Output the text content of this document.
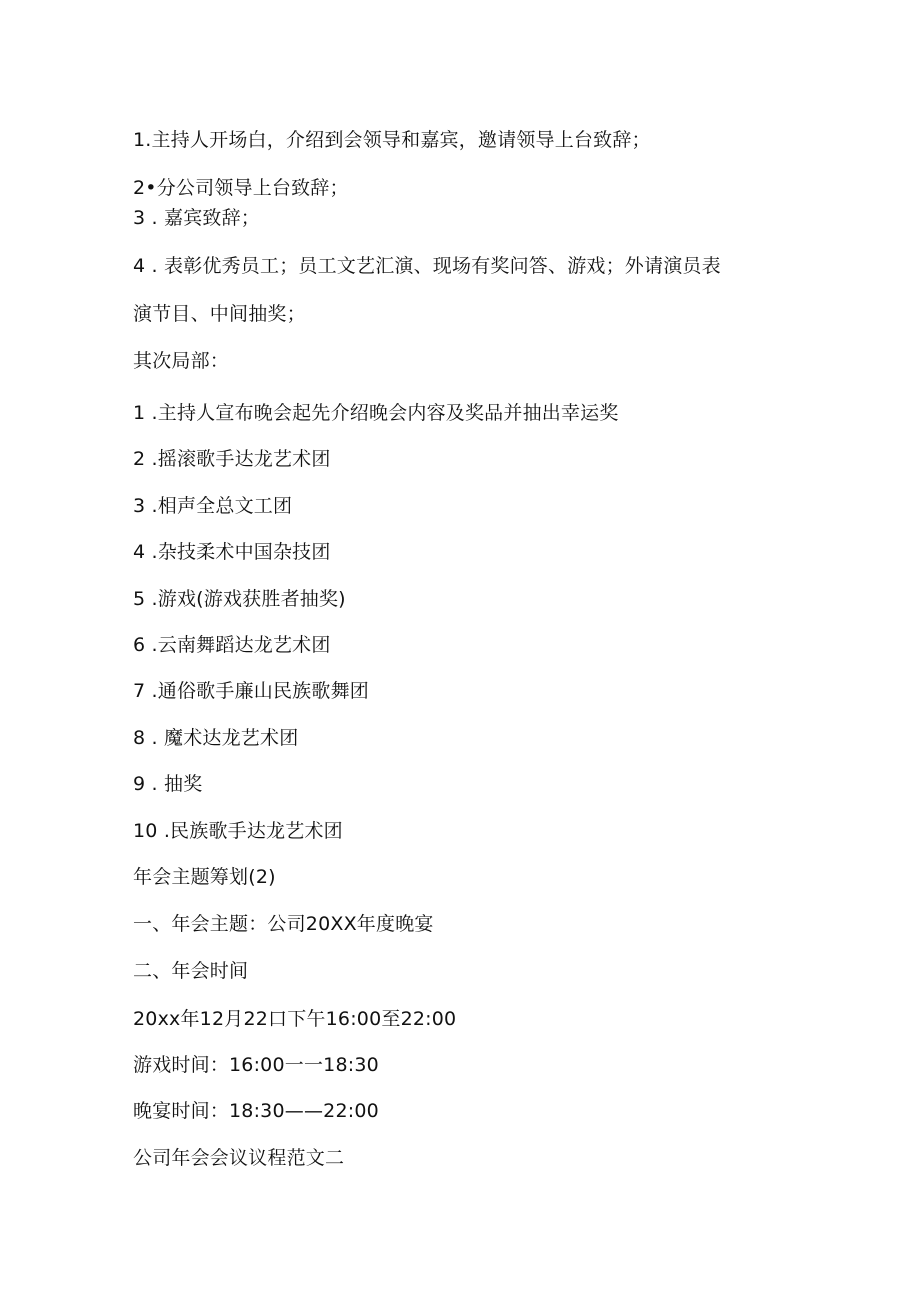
1.主持人开场白，介绍到会领导和嘉宾，邀请领导上台致辞；
2•分公司领导上台致辞；
3 . 嘉宾致辞；
4 . 表彰优秀员工；员工文艺汇演、现场有奖问答、游戏；外请演员表
演节目、中间抽奖；
其次局部：
1 .主持人宣布晚会起先介绍晚会内容及奖品并抽出幸运奖
2 .摇滚歌手达龙艺术团
3 .相声全总文工团
4 .杂技柔术中国杂技团
5 .游戏(游戏获胜者抽奖)
6 .云南舞蹈达龙艺术团
7 .通俗歌手廉山民族歌舞团
8 . 魔术达龙艺术团
9 . 抽奖
10 .民族歌手达龙艺术团
年会主题筹划(2)
一、年会主题：公司20XX年度晚宴
二、年会时间
20xx年12月22口下午16:00至22:00
游戏时间：16:00一一18:30
晚宴时间：18:30——22:00
公司年会会议议程范文二
